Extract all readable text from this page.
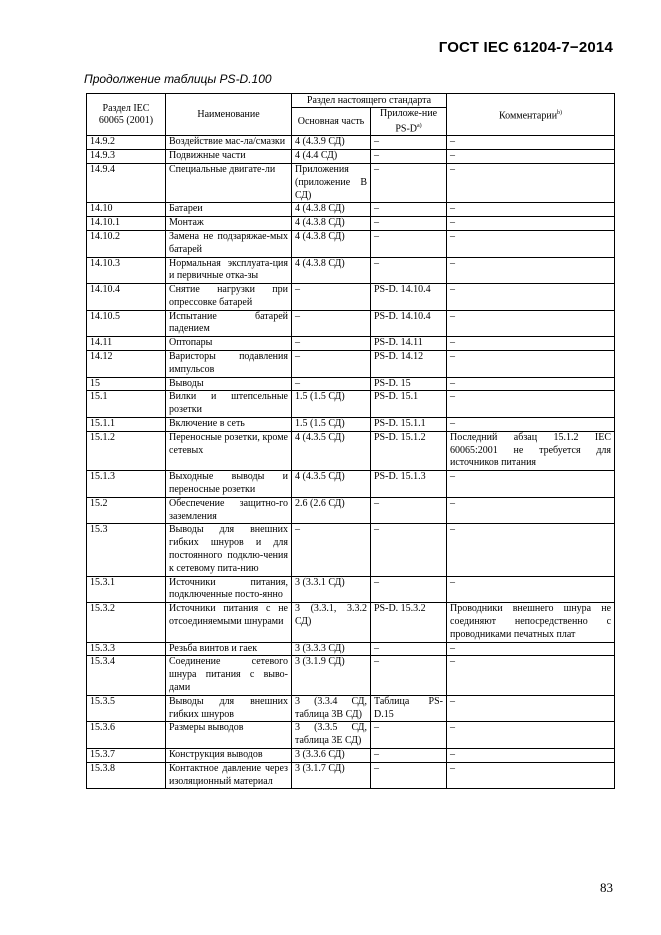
ГОСТ IEC 61204-7−2014
Продолжение таблицы PS-D.100
Раздел IEC 60065 (2001)	Наименование	Раздел настоящего стандарта		Комментарии$^{b)}$
		Основная часть	Приложе-ние $PS-D^{a)}$
14.9.2	Воздействие мас-ла/смазки	4 (4.3.9 СД)	–	–
14.9.3	Подвижные части	4 (4.4 СД)	–	–
14.9.4	Специальные двигате-ли	Приложения (приложение В СД)	–	–
14.10	Батареи	4 (4.3.8 СД)	–	–
14.10.1	Монтаж	4 (4.3.8 СД)	–	–
14.10.2	Замена не подзаряжае-мых батарей	4 (4.3.8 СД)	–	–
14.10.3	Нормальная эксплуата-ция и первичные отка-зы	4 (4.3.8 СД)	–	–
14.10.4	Снятие нагрузки при опрессовке батарей	–	PS-D. 14.10.4	–
14.10.5	Испытание батарей падением	–	PS-D. 14.10.4	–
14.11	Оптопары	–	PS-D. 14.11	–
14.12	Варисторы подавления импульсов	–	PS-D. 14.12	–
15	Выводы	–	PS-D. 15	–
15.1	Вилки и штепсельные розетки	1.5 (1.5 СД)	PS-D. 15.1	–
15.1.1	Включение в сеть	1.5 (1.5 СД)	PS-D. 15.1.1	–
15.1.2	Переносные розетки, кроме сетевых	4 (4.3.5 СД)	PS-D. 15.1.2	Последний абзац 15.1.2 IEC 60065:2001 не требуется для источников питания
15.1.3	Выходные выводы и переносные розетки	4 (4.3.5 СД)	PS-D. 15.1.3	–
15.2	Обеспечение защитно-го заземления	2.6 (2.6 СД)	–	–
15.3	Выводы для внешних гибких шнуров и для постоянного подклю-чения к сетевому пита-нию	–	–	–
15.3.1	Источники питания, подключенные посто-янно	3 (3.3.1 СД)	–	–
15.3.2	Источники питания с не отсоединяемыми шнурами	3 (3.3.1, 3.3.2 СД)	PS-D. 15.3.2	Проводники внешнего шнура не соединяют непосредственно с проводниками печатных плат
15.3.3	Резьба винтов и гаек	3 (3.3.3 СД)	–	–
15.3.4	Соединение сетевого шнура питания с выво-дами	3 (3.1.9 СД)	–	–
15.3.5	Выводы для внешних гибких шнуров	3 (3.3.4 СД, таблица 3В СД)	Таблица PS-D.15	–
15.3.6	Размеры выводов	3 (3.3.5 СД, таблица 3Е СД)	–	–
15.3.7	Конструкция выводов	3 (3.3.6 СД)	–	–
15.3.8	Контактное давление через изоляционный материал	3 (3.1.7 СД)	–	–
83
